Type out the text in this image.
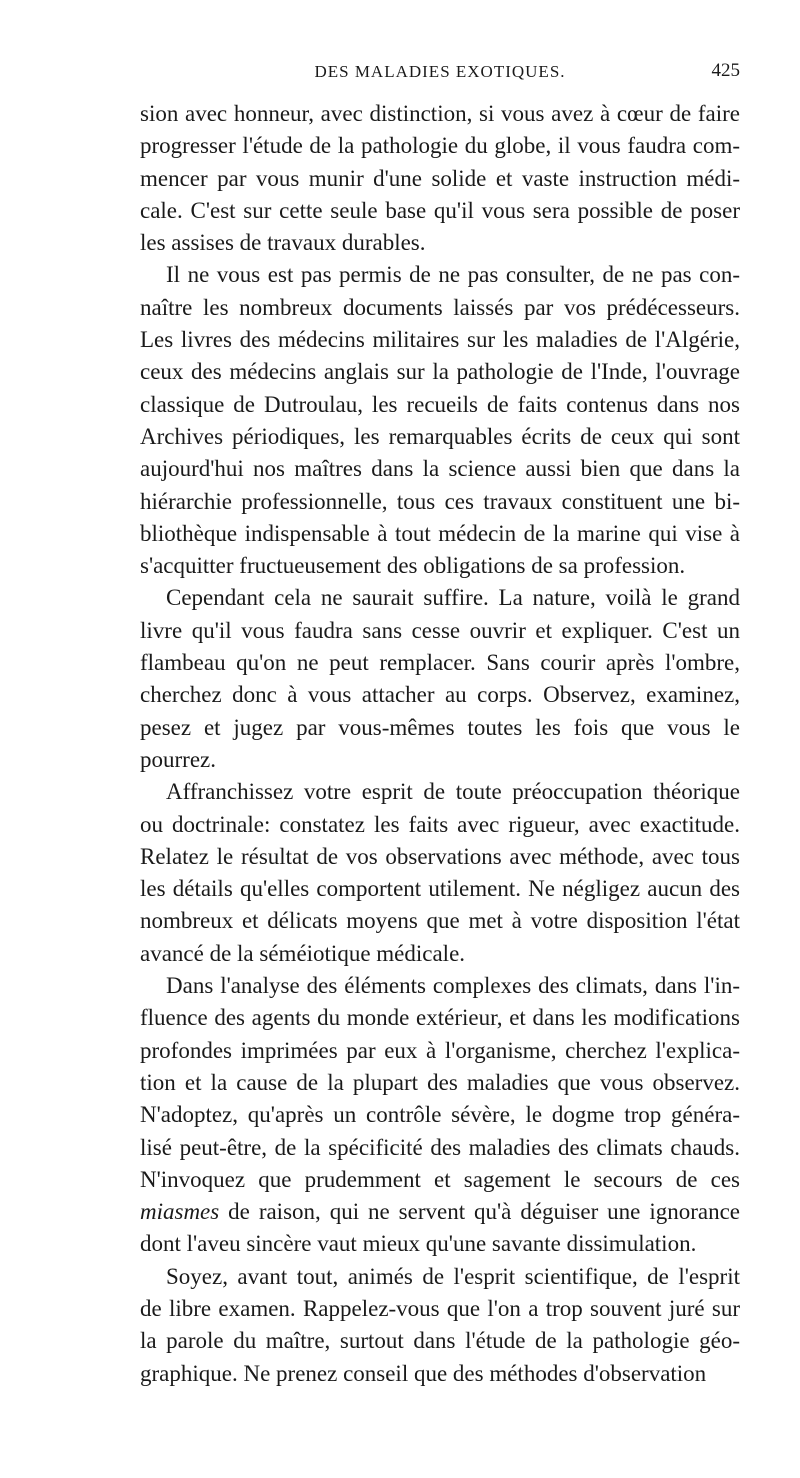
DES MALADIES EXOTIQUES.	425
sion avec honneur, avec distinction, si vous avez à cœur de faire
progresser l'étude de la pathologie du globe, il vous faudra com-
mencer par vous munir d'une solide et vaste instruction médi-
cale. C'est sur cette seule base qu'il vous sera possible de poser
les assises de travaux durables.
Il ne vous est pas permis de ne pas consulter, de ne pas con-
naître les nombreux documents laissés par vos prédécesseurs.
Les livres des médecins militaires sur les maladies de l'Algérie,
ceux des médecins anglais sur la pathologie de l'Inde, l'ouvrage
classique de Dutroulau, les recueils de faits contenus dans nos
Archives périodiques, les remarquables écrits de ceux qui sont
aujourd'hui nos maîtres dans la science aussi bien que dans la
hiérarchie professionnelle, tous ces travaux constituent une bi-
bliothèque indispensable à tout médecin de la marine qui vise à
s'acquitter fructueusement des obligations de sa profession.
Cependant cela ne saurait suffire. La nature, voilà le grand
livre qu'il vous faudra sans cesse ouvrir et expliquer. C'est un
flambeau qu'on ne peut remplacer. Sans courir après l'ombre,
cherchez donc à vous attacher au corps. Observez, examinez,
pesez et jugez par vous-mêmes toutes les fois que vous le
pourrez.
Affranchissez votre esprit de toute préoccupation théorique
ou doctrinale: constatez les faits avec rigueur, avec exactitude.
Relatez le résultat de vos observations avec méthode, avec tous
les détails qu'elles comportent utilement. Ne négligez aucun des
nombreux et délicats moyens que met à votre disposition l'état
avancé de la séméiotique médicale.
Dans l'analyse des éléments complexes des climats, dans l'in-
fluence des agents du monde extérieur, et dans les modifications
profondes imprimées par eux à l'organisme, cherchez l'explica-
tion et la cause de la plupart des maladies que vous observez.
N'adoptez, qu'après un contrôle sévère, le dogme trop généra-
lisé peut-être, de la spécificité des maladies des climats chauds.
N'invoquez que prudemment et sagement le secours de ces
miasmes de raison, qui ne servent qu'à déguiser une ignorance
dont l'aveu sincère vaut mieux qu'une savante dissimulation.
Soyez, avant tout, animés de l'esprit scientifique, de l'esprit
de libre examen. Rappelez-vous que l'on a trop souvent juré sur
la parole du maître, surtout dans l'étude de la pathologie géo-
graphique. Ne prenez conseil que des méthodes d'observation
